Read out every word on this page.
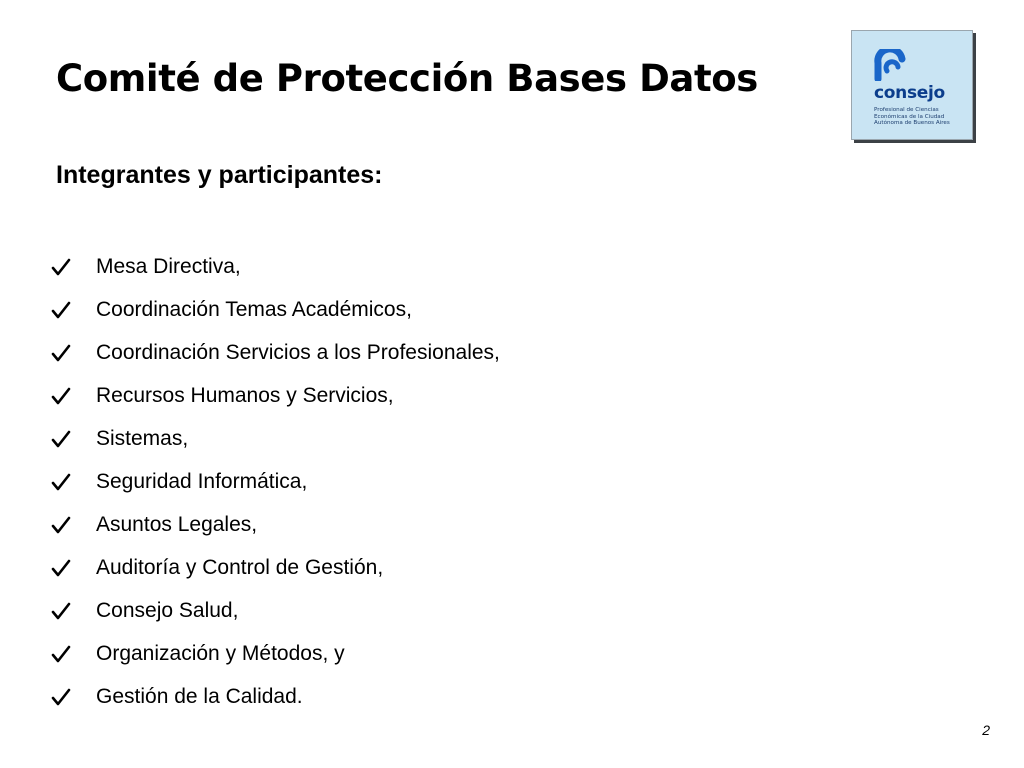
Comité de Protección Bases Datos	consejo
Profesional de Ciencias
Económicas de la Ciudad
Autónoma de Buenos Aires
Integrantes y participantes:
Mesa Directiva,
Coordinación Temas Académicos,
Coordinación Servicios a los Profesionales,
Recursos Humanos y Servicios,
Sistemas,
Seguridad Informática,
Asuntos Legales,
Auditoría y Control de Gestión,
Consejo Salud,
Organización y Métodos, y
Gestión de la Calidad.
2
